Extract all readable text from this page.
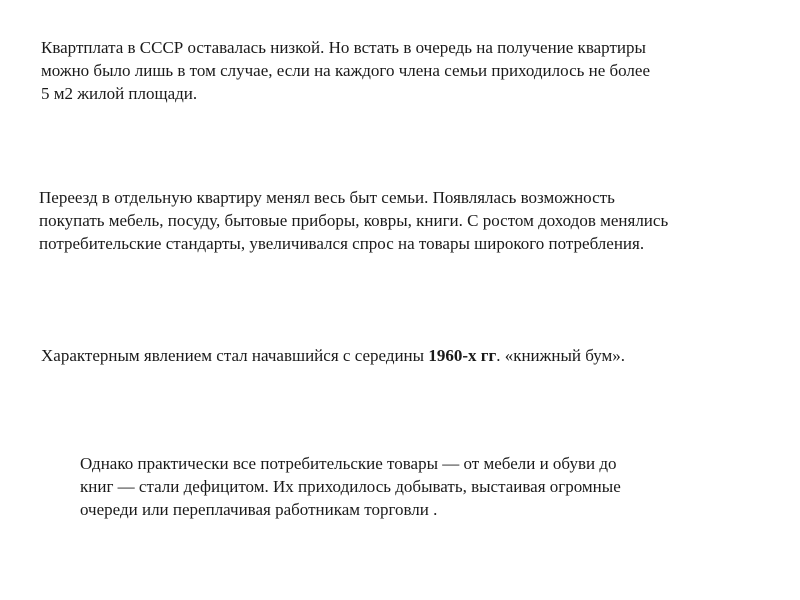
Квартплата в СССР оставалась низкой. Но встать в очередь на получение квартиры
можно было лишь в том случае, если на каждого члена семьи приходилось не более
5 м2 жилой площади.

Переезд в отдельную квартиру менял весь быт семьи. Появлялась возможность
покупать мебель, посуду, бытовые приборы, ковры, книги. С ростом доходов менялись
потребительские стандарты, увеличивался спрос на товары широкого потребления.

Характерным явлением стал начавшийся с середины 1960-х гг. «книжный бум».

Однако практически все потребительские товары — от мебели и обуви до
книг — стали дефицитом. Их приходилось добывать, выстаивая огромные
очереди или переплачивая работникам торговли .
